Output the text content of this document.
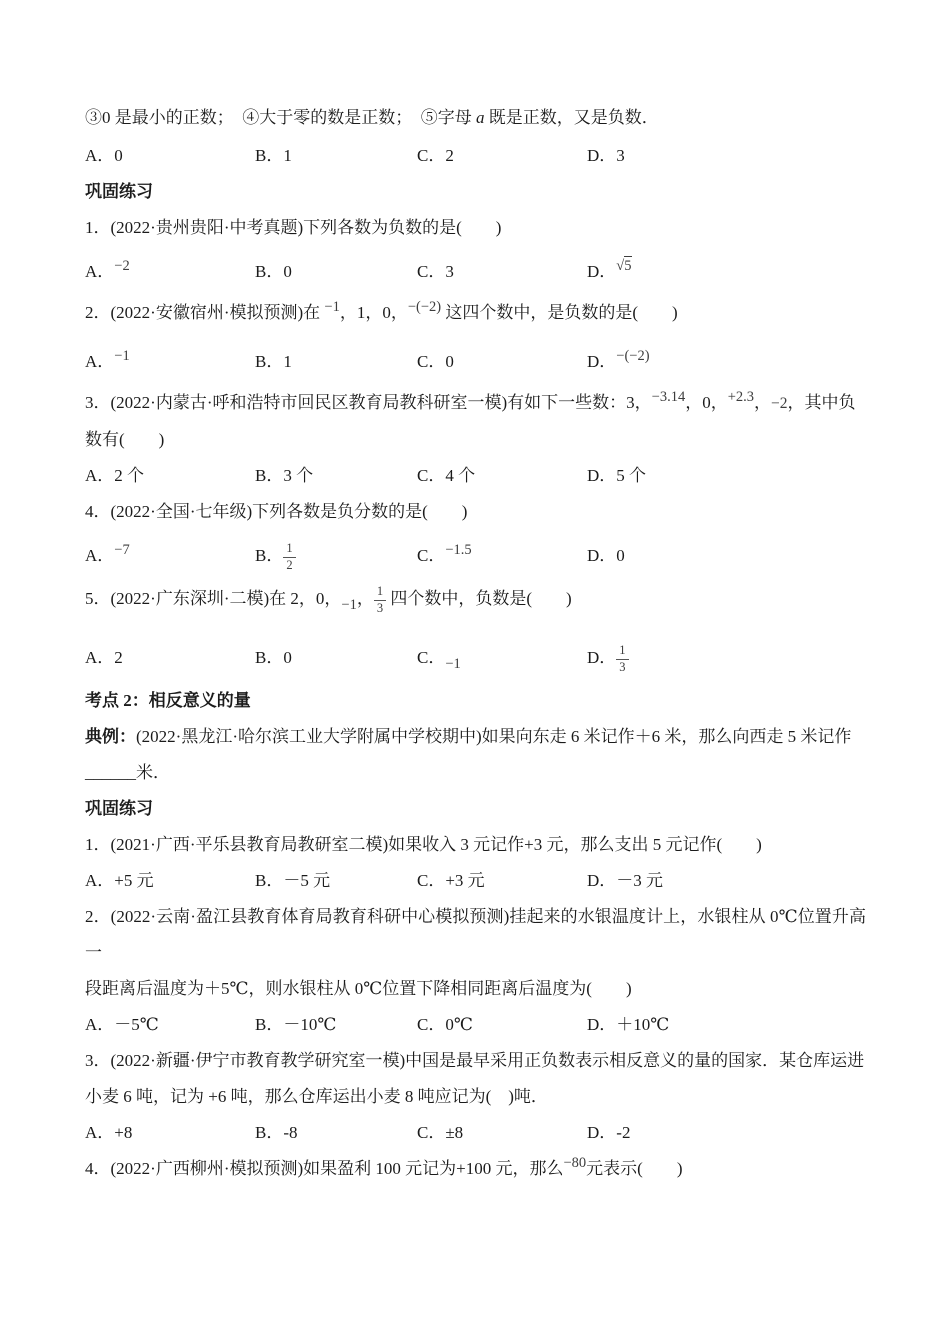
③0 是最小的正数；　④大于零的数是正数；　⑤字母 a 既是正数，又是负数．

A．0	B．1	C．2	D．3

巩固练习

1．(2022·贵州贵阳·中考真题)下列各数为负数的是(　　)

A．−2	B．0	C．3	D．√5

2．(2022·安徽宿州·模拟预测)在 −1，1，0，−(−2) 这四个数中，是负数的是(　　)

A．−1	B．1	C．0	D．−(−2)

3．(2022·内蒙古·呼和浩特市回民区教育局教科研室一模)有如下一些数：3，−3.14，0，+2.3，−2，其中负
数有(　　)

A．2 个	B．3 个	C．4 个	D．5 个

4．(2022·全国·七年级)下列各数是负分数的是(　　)

A．−7	B． $\frac{1}{2}$	C．−1.5	D．0

5．(2022·广东深圳·二模)在 2，0，−1， $\frac{1}{3}$ 四个数中，负数是(　　)

A．2	B．0	C．−1	D． $\frac{1}{3}$

考点 2：相反意义的量

典例：(2022·黑龙江·哈尔滨工业大学附属中学校期中)如果向东走 6 米记作＋6 米，那么向西走 5 米记作
______米．

巩固练习

1．(2021·广西·平乐县教育局教研室二模)如果收入 3 元记作+3 元，那么支出 5 元记作(　　)

A．+5 元	B．－5 元	C．+3 元	D．－3 元

2．(2022·云南·盈江县教育体育局教育科研中心模拟预测)挂起来的水银温度计上，水银柱从 0℃位置升高一
段距离后温度为＋5℃，则水银柱从 0℃位置下降相同距离后温度为(　　)

A．－5℃	B．－10℃	C．0℃	D．＋10℃

3．(2022·新疆·伊宁市教育教学研究室一模)中国是最早采用正负数表示相反意义的量的国家．某仓库运进
小麦 6 吨，记为 +6 吨，那么仓库运出小麦 8 吨应记为(　)吨．

A．+8	B．-8	C．±8	D．-2

4．(2022·广西柳州·模拟预测)如果盈利 100 元记为+100 元，那么−80元表示(　　)
